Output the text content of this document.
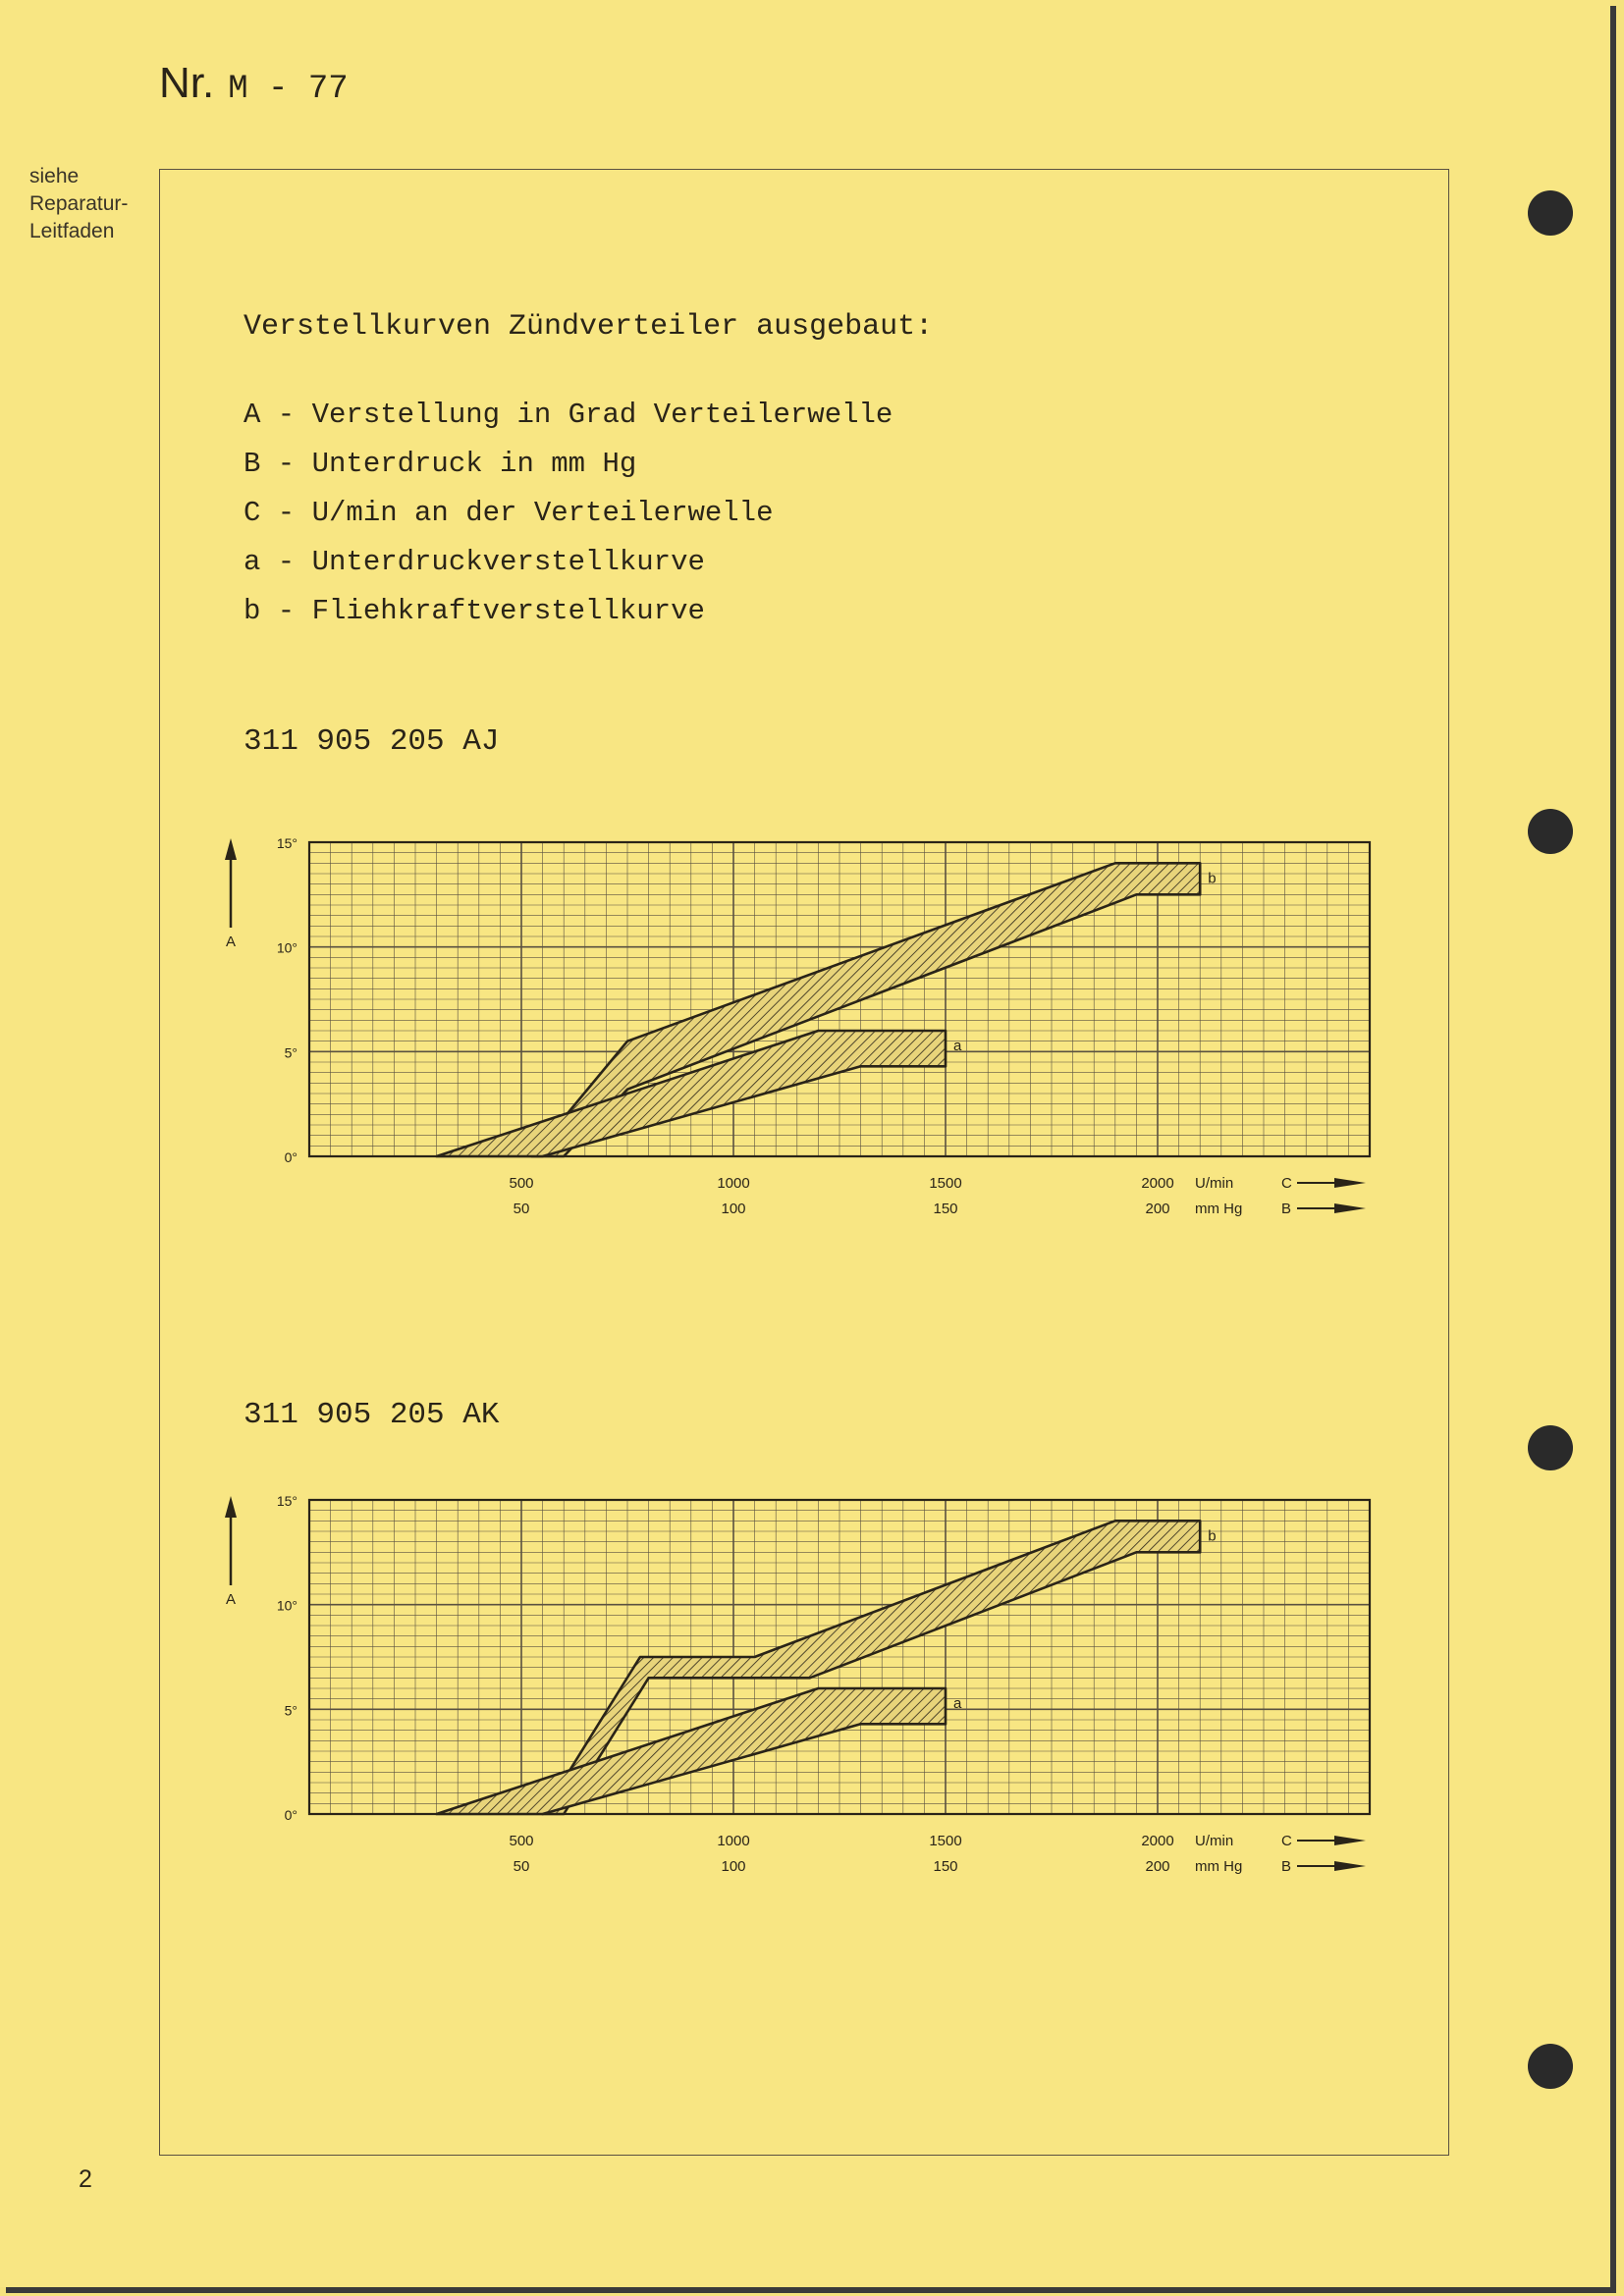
Nr. M - 77
siehe
Reparatur-
Leitfaden
Verstellkurven Zündverteiler ausgebaut:
A - Verstellung in Grad Verteilerwelle
B - Unterdruck in mm Hg
C - U/min an der Verteilerwelle
a - Unterdruckverstellkurve
b - Fliehkraftverstellkurve
311 905 205 AJ
15°
10°
5°
0°
A
b
a
500
50
1000
100
1500
150
2000
200
U/min
mm Hg
C
B
311 905 205 AK
15°
10°
5°
0°
A
b
a
500
50
1000
100
1500
150
2000
200
U/min
mm Hg
C
B
2
